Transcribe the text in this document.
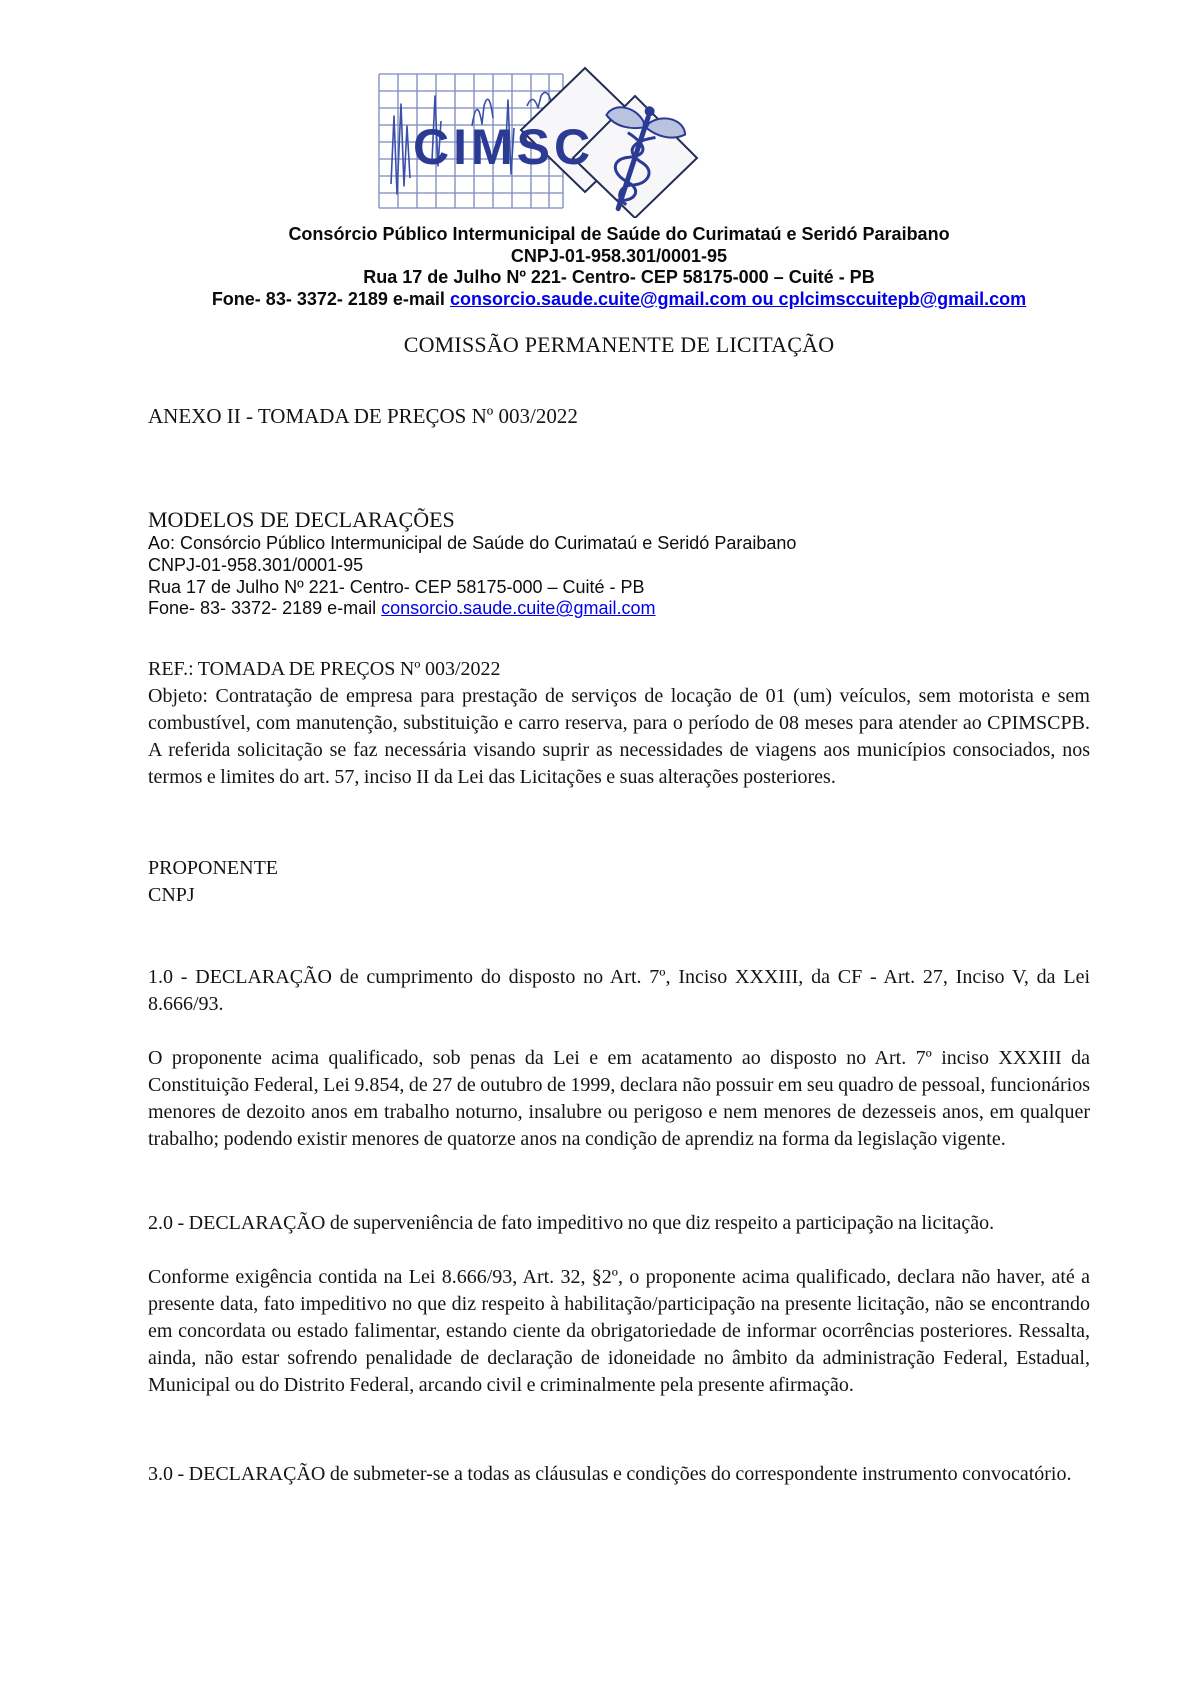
CIMSC
Consórcio Público Intermunicipal de Saúde do Curimataú e Seridó Paraibano
CNPJ-01-958.301/0001-95
Rua 17 de Julho Nº 221- Centro- CEP 58175-000 – Cuité - PB
Fone- 83- 3372- 2189 e-mail consorcio.saude.cuite@gmail.com ou cplcimsccuitepb@gmail.com
COMISSÃO PERMANENTE DE LICITAÇÃO
ANEXO II - TOMADA DE PREÇOS Nº 003/2022
MODELOS DE DECLARAÇÕES
Ao: Consórcio Público Intermunicipal de Saúde do Curimataú e Seridó Paraibano
CNPJ-01-958.301/0001-95
Rua 17 de Julho Nº 221- Centro- CEP 58175-000 – Cuité - PB
Fone- 83- 3372- 2189 e-mail consorcio.saude.cuite@gmail.com

REF.: TOMADA DE PREÇOS Nº 003/2022

Objeto: Contratação de empresa para prestação de serviços de locação de 01 (um) veículos, sem motorista e sem combustível, com manutenção, substituição e carro reserva, para o período de 08 meses para atender ao CPIMSCPB. A referida solicitação se faz necessária visando suprir as necessidades de viagens aos municípios consociados, nos termos e limites do art. 57, inciso II da Lei das Licitações e suas alterações posteriores.

PROPONENTE

CNPJ

1.0 - DECLARAÇÃO de cumprimento do disposto no Art. 7º, Inciso XXXIII, da CF - Art. 27, Inciso V, da Lei 8.666/93.

O proponente acima qualificado, sob penas da Lei e em acatamento ao disposto no Art. 7º inciso XXXIII da Constituição Federal, Lei 9.854, de 27 de outubro de 1999, declara não possuir em seu quadro de pessoal, funcionários menores de dezoito anos em trabalho noturno, insalubre ou perigoso e nem menores de dezesseis anos, em qualquer trabalho; podendo existir menores de quatorze anos na condição de aprendiz na forma da legislação vigente.

2.0 - DECLARAÇÃO de superveniência de fato impeditivo no que diz respeito a participação na licitação.

Conforme exigência contida na Lei 8.666/93, Art. 32, §2º, o proponente acima qualificado, declara não haver, até a presente data, fato impeditivo no que diz respeito à habilitação/participação na presente licitação, não se encontrando em concordata ou estado falimentar, estando ciente da obrigatoriedade de informar ocorrências posteriores. Ressalta, ainda, não estar sofrendo penalidade de declaração de idoneidade no âmbito da administração Federal, Estadual, Municipal ou do Distrito Federal, arcando civil e criminalmente pela presente afirmação.

3.0 - DECLARAÇÃO de submeter-se a todas as cláusulas e condições do correspondente instrumento convocatório.
